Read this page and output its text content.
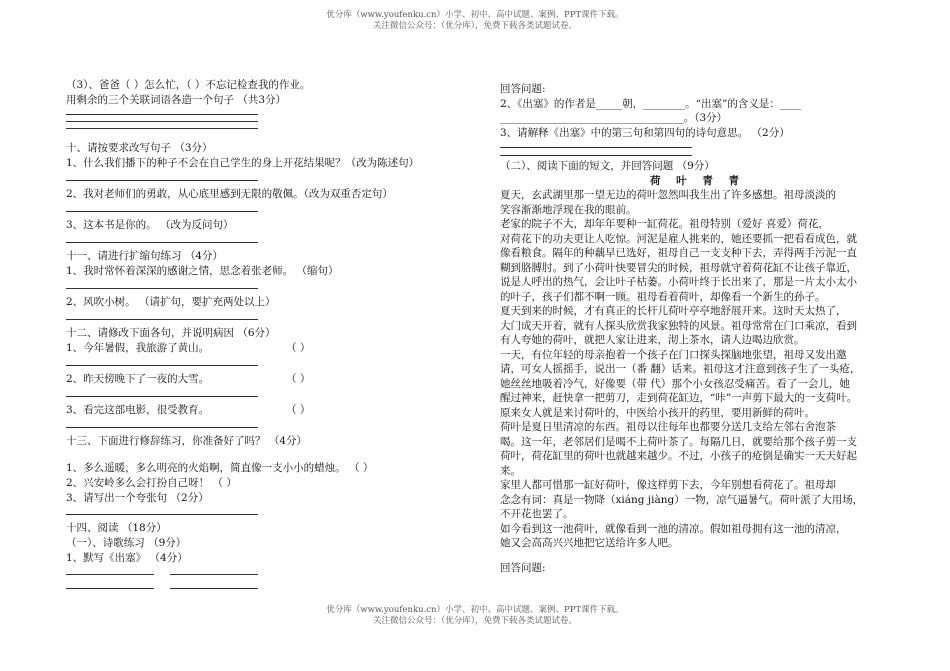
优分库（www.youfenku.cn）小学、初中、高中试题、案例、PPT课件下载。
关注微信公众号：（优分库），免费下载各类试题试卷。
（3）、爸爸（ ）怎么忙，（ ）不忘记检查我的作业。
用剩余的三个关联词语各造一个句子 （共3分）
十、请按要求改写句子 （3分）
1、什么我们播下的种子不会在自己学生的身上开花结果呢？（改为陈述句）
2、我对老师们的勇敢，从心底里感到无限的敬佩。（改为双重否定句）
3、这本书是你的。 （改为反问句）
十一、请进行扩缩句练习 （4分）
1、我时常怀着深深的感谢之情，思念着张老师。 （缩句）
2、风吹小树。 （请扩句，要扩充两处以上）
十二、请修改下面各句，并说明病因 （6分）
1、今年暑假，我旅游了黄山。	（ ）
2、昨天傍晚下了一夜的大雪。	（ ）
3、看完这部电影，很受教育。	（ ）
十三、下面进行修辞练习，你准备好了吗？ （4分）
1、多么遥暖，多么明亮的火焰啊，简直像一支小小的蜡烛。 （ ）
2、兴安岭多么会打扮自己呀！ （ ）
3、请写出一个夸张句 （2分）
十四、阅读 （18分）
（一）、诗歌练习 （9分）
1、默写《出塞》 （4分）
回答问题:
2、《出塞》的作者是_____朝，________。“出塞”的含义是：____
___________________________________。（3分）
3、请解释《出塞》中的第三句和第四句的诗句意思。 （2分）
（二）、阅读下面的短文，并回答问题 （9分）
荷 叶 青 青
夏天，玄武湖里那一望无边的荷叶忽然叫我生出了许多感想。祖母淡淡的
笑容渐渐地浮现在我的眼前。
老家的院子不大，却年年要种一缸荷花。祖母特别（爱好 喜爱）荷花，
对荷花下的功夫更让人吃惊。河泥是雇人挑来的，她还要抓一把看看成色，就
像看粮食。隔年的种藕早已选好，祖母自己一支支种下去，弄得两手污泥一直
糊到胳膊肘。到了小荷叶快要冒尖的时候，祖母就守着荷花缸不让孩子靠近，
说是人呼出的热气，会让叶子枯萎。小荷叶终于长出来了，那是一片太小太小
的叶子，孩子们都不啊一顾。祖母看着荷叶，却像看一个新生的孙子。
夏天到来的时候，才有真正的长杆儿荷叶亭亭地舒展开来。这时天太热了，
大门成天开着，就有人探头欣赏我家独特的风景。祖母常常在门口乘凉，看到
有人夸她的荷叶，就把人家让进来，沏上茶水，请人边喝边欣赏。
一天，有位年轻的母亲抱着一个孩子在门口探头探脑地张望，祖母又发出邀
请，可女人摇摇手，说出一（番 翻）话来。祖母这才注意到孩子生了一头疮，
她丝丝地吸着冷气，好像要（带 代）那个小女孩忍受痛苦。看了一会儿，她
醒过神来，赶快拿一把剪刀，走到荷花缸边，“咔”一声剪下最大的一支荷叶。
原来女人就是来讨荷叶的，中医给小孩开的药里，要用新鲜的荷叶。
荷叶是夏日里清凉的东西。祖母以往每年也都要分送几支给左邻右舍泡茶
喝。这一年，老邻居们是喝不上荷叶茶了。每隔几日，就要给那个孩子剪一支
荷叶，荷花缸里的荷叶也就越来越少。不过，小孩子的疮倒是确实一天天好起
来。
家里人都可惜那一缸好荷叶，像这样剪下去，今年别想看荷花了。祖母却
念念有词：真是一物降（xiáng jiàng）一物，凉气逼暑气。荷叶派了大用场，
不开花也罢了。
如今看到这一池荷叶，就像看到一池的清凉。假如祖母拥有这一池的清凉，
她又会高高兴兴地把它送给许多人吧。
回答问题:
优分库（www.youfenku.cn）小学、初中、高中试题、案例、PPT课件下载。
关注微信公众号：（优分库），免费下载各类试题试卷。
